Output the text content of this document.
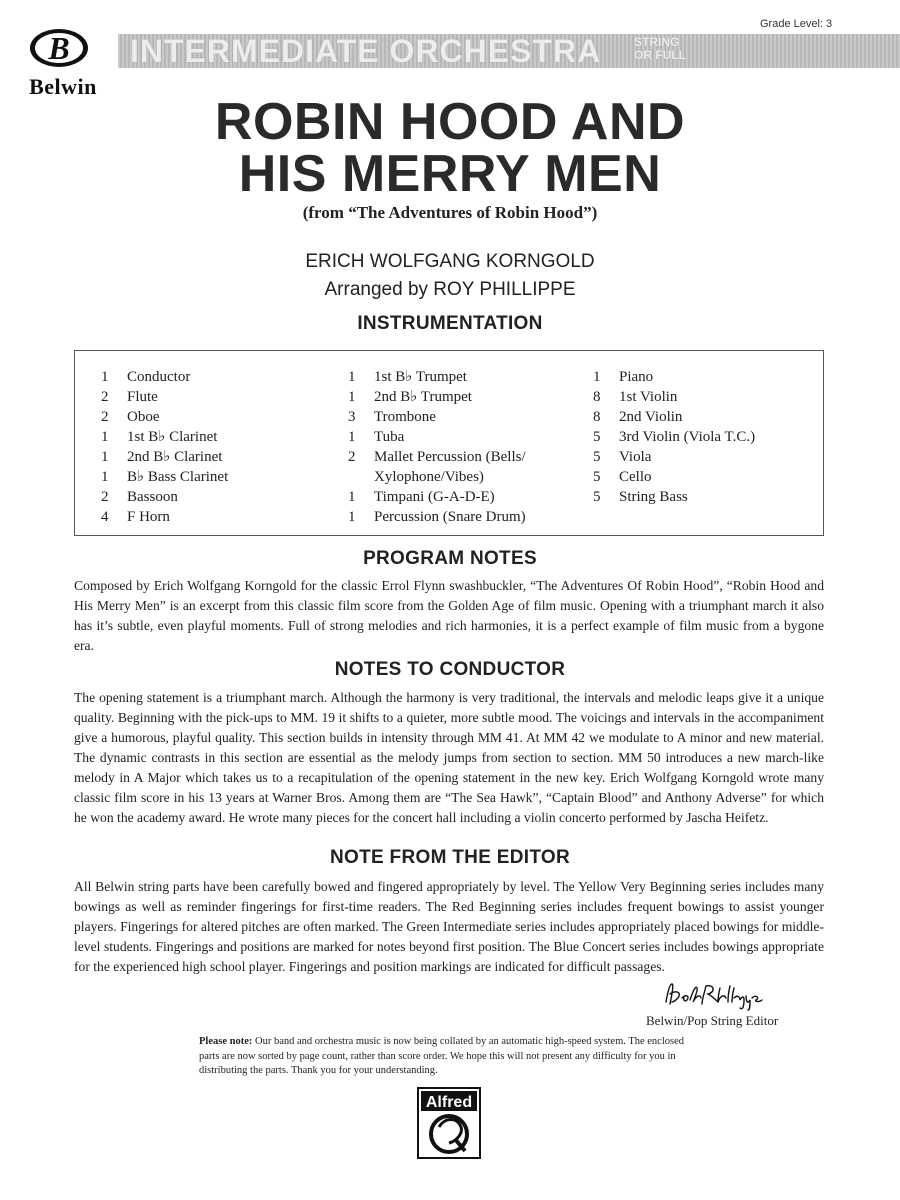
B
Belwin
INTERMEDIATE ORCHESTRA	STRING
OR FULL
Grade Level: 3
ROBIN HOOD AND
HIS MERRY MEN
(from “The Adventures of Robin Hood”)
ERICH WOLFGANG KORNGOLD
Arranged by ROY PHILLIPPE
INSTRUMENTATION
1	Conductor
2	Flute
2	Oboe
1	1st B♭ Clarinet
1	2nd B♭ Clarinet
1	B♭ Bass Clarinet
2	Bassoon
4	F Horn
1	1st B♭ Trumpet
1	2nd B♭ Trumpet
3	Trombone
1	Tuba
2	Mallet Percussion (Bells/
Xylophone/Vibes)
1	Timpani (G-A-D-E)
1	Percussion (Snare Drum)
1	Piano
8	1st Violin
8	2nd Violin
5	3rd Violin (Viola T.C.)
5	Viola
5	Cello
5	String Bass
PROGRAM NOTES
Composed by Erich Wolfgang Korngold for the classic Errol Flynn swashbuckler, “The Adventures Of Robin Hood”, “Robin Hood and His Merry Men” is an excerpt from this classic film score from the Golden Age of film music. Opening with a triumphant march it also has it’s subtle, even playful moments. Full of strong melodies and rich harmonies, it is a perfect example of film music from a bygone era.
NOTES TO CONDUCTOR
The opening statement is a triumphant march. Although the harmony is very traditional, the intervals and melodic leaps give it a unique quality. Beginning with the pick-ups to MM. 19 it shifts to a quieter, more subtle mood. The voicings and intervals in the accompaniment give a humorous, playful quality. This section builds in intensity through MM 41. At MM 42 we modulate to A minor and new material. The dynamic contrasts in this section are essential as the melody jumps from section to section. MM 50 introduces a new march-like melody in A Major which takes us to a recapitulation of the opening statement in the new key. Erich Wolfgang Korngold wrote many classic film score in his 13 years at Warner Bros. Among them are “The Sea Hawk”, “Captain Blood” and Anthony Adverse” for which he won the academy award. He wrote many pieces for the concert hall including a violin concerto performed by Jascha Heifetz.
NOTE FROM THE EDITOR
All Belwin string parts have been carefully bowed and fingered appropriately by level. The Yellow Very Beginning series includes many bowings as well as reminder fingerings for first-time readers. The Red Beginning series includes frequent bowings to assist younger players. Fingerings for altered pitches are often marked. The Green Intermediate series includes appropriately placed bowings for middle-level students. Fingerings and positions are marked for notes beyond first position. The Blue Concert series includes bowings appropriate for the experienced high school player. Fingerings and position markings are indicated for difficult passages.
Belwin/Pop String Editor
Please note: Our band and orchestra music is now being collated by an automatic high-speed system. The enclosed parts are now sorted by page count, rather than score order. We hope this will not present any difficulty for you in distributing the parts. Thank you for your understanding.
Alfred
